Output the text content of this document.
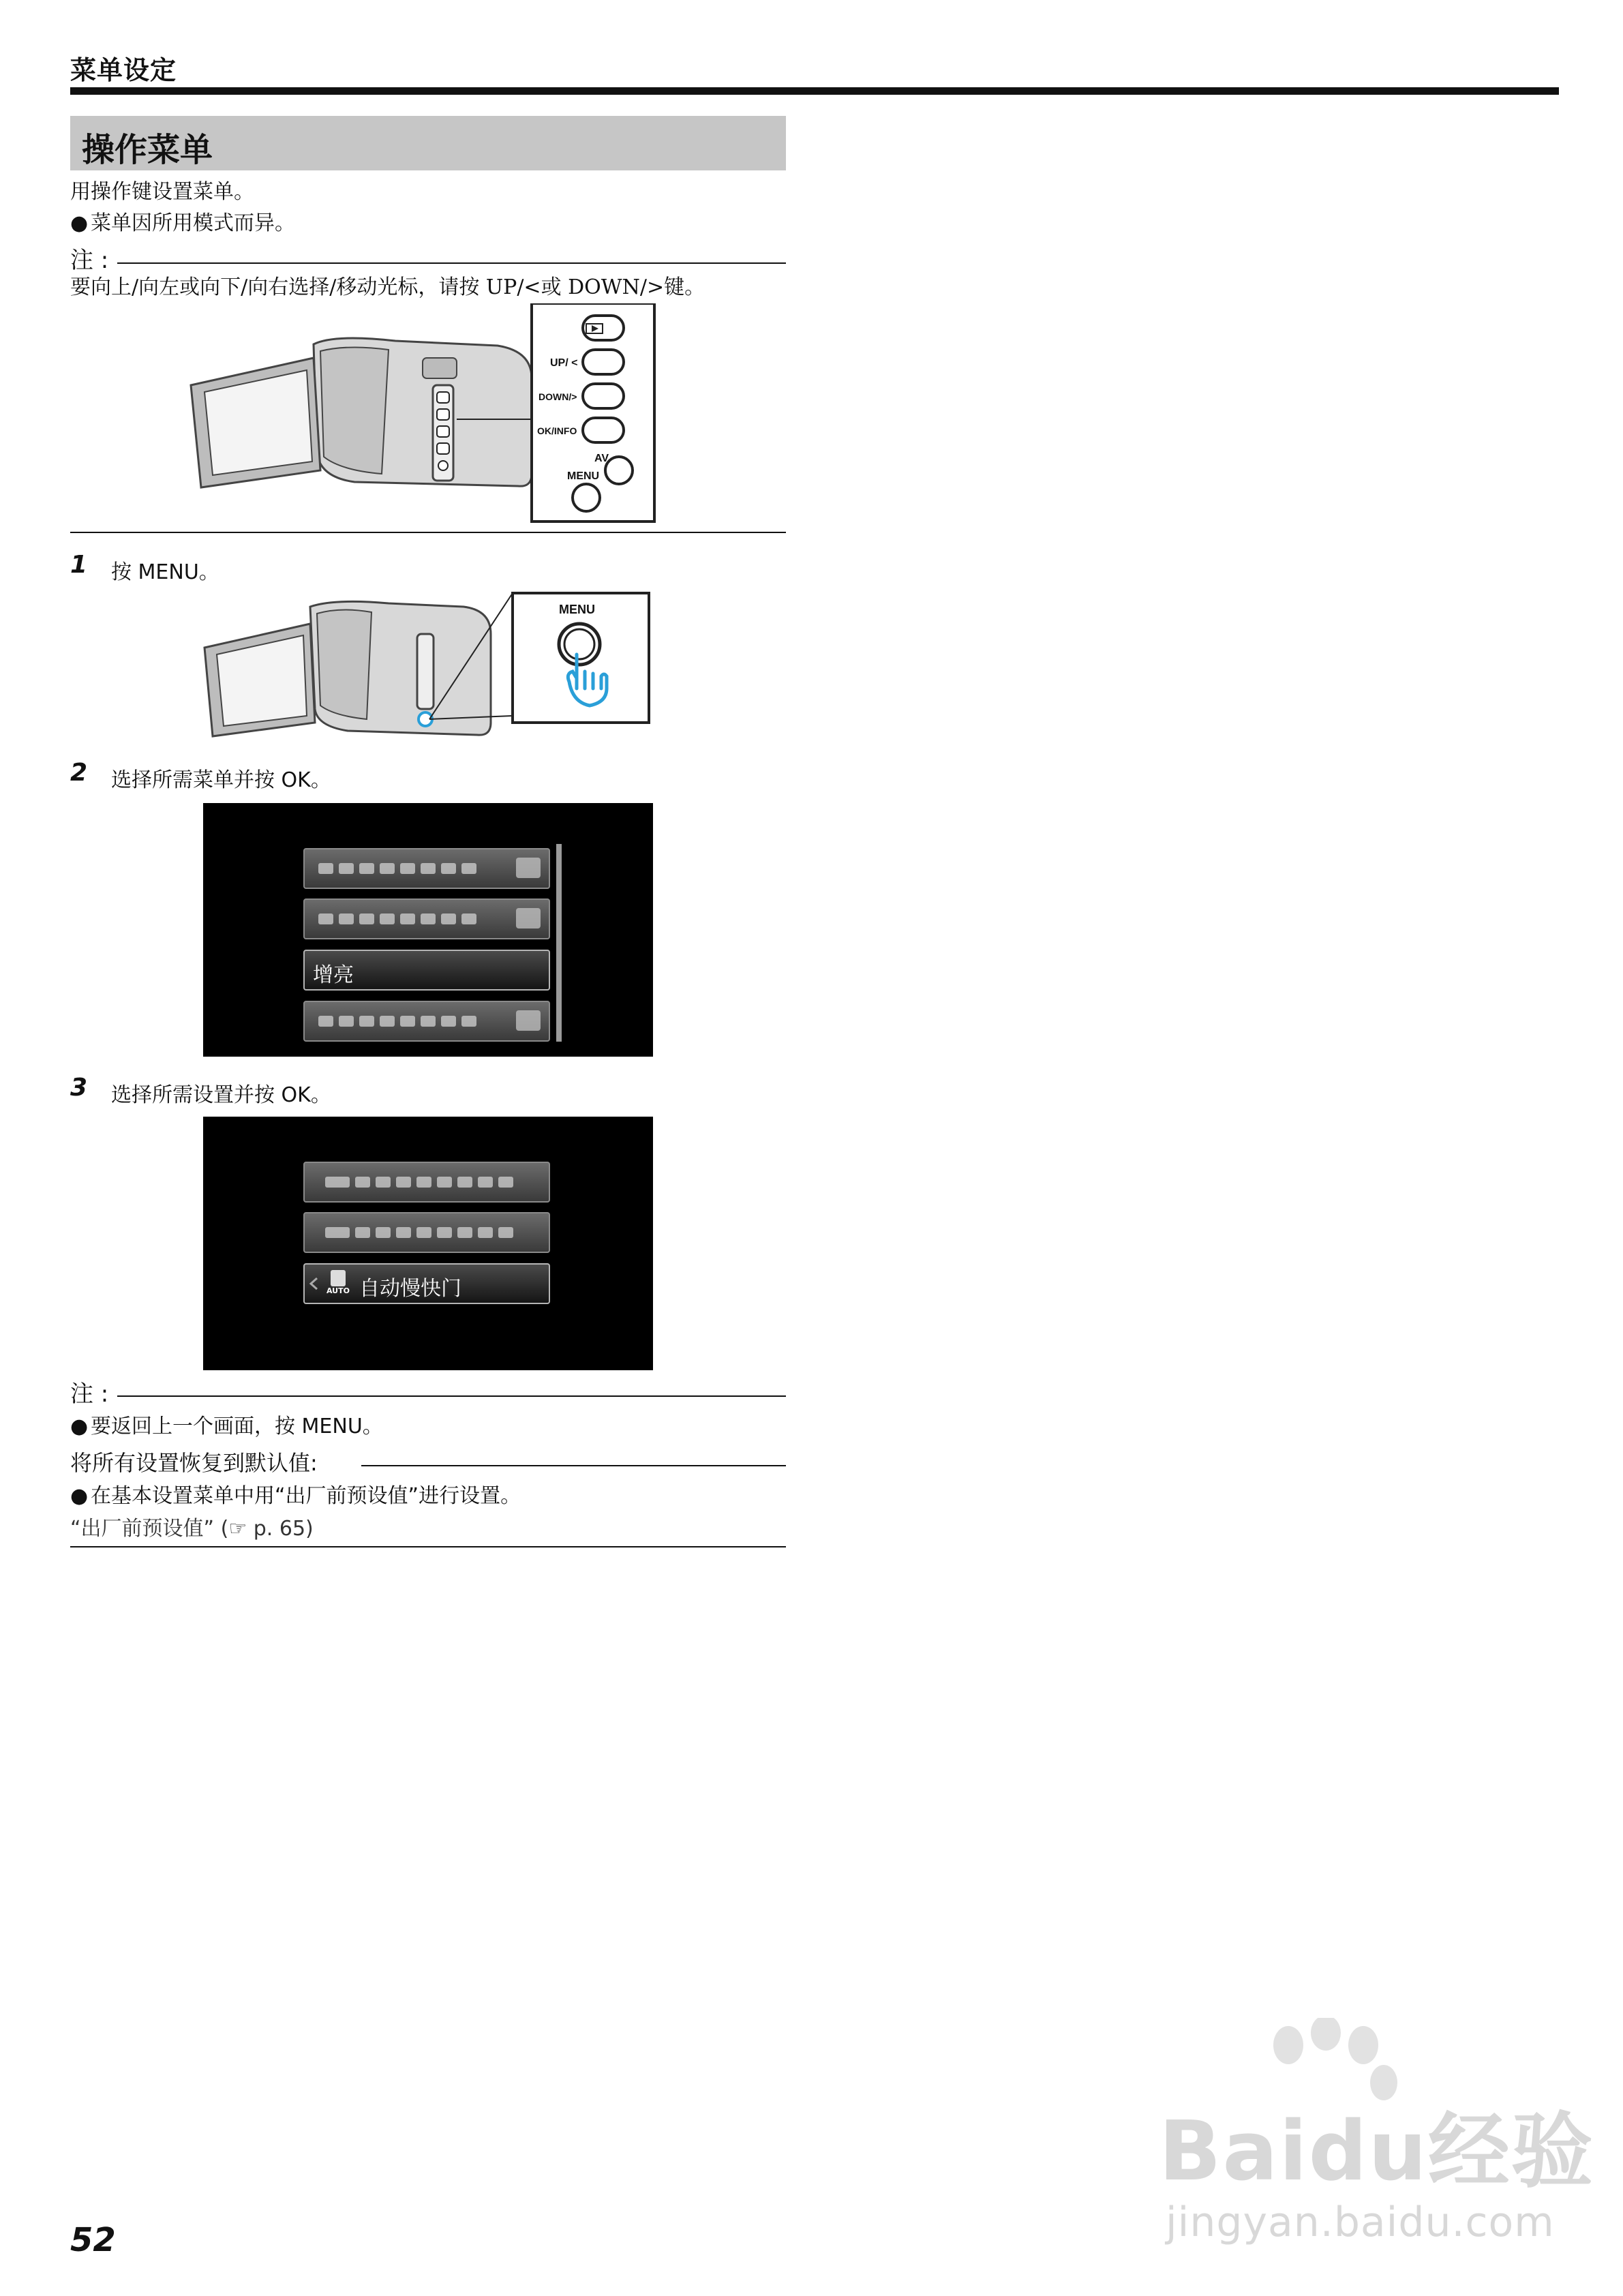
菜单设定
操作菜单
用操作键设置菜单。
● 菜单因所用模式而异。
注 :
要向上/向左或向下/向右选择/移动光标，请按 UP/<或 DOWN/>键。
UP/ <
DOWN/>
OK/INFO
AV
MENU
1 按 MENU。
MENU
2 选择所需菜单并按 OK。
增亮
3 选择所需设置并按 OK。
AUTO 自动慢快门
注 :
● 要返回上一个画面，按 MENU。
将所有设置恢复到默认值:
● 在基本设置菜单中用“出厂前预设值”进行设置。
“出厂前预设值” (☞ p. 65)
52
Baidu经验
jingyan.baidu.com
